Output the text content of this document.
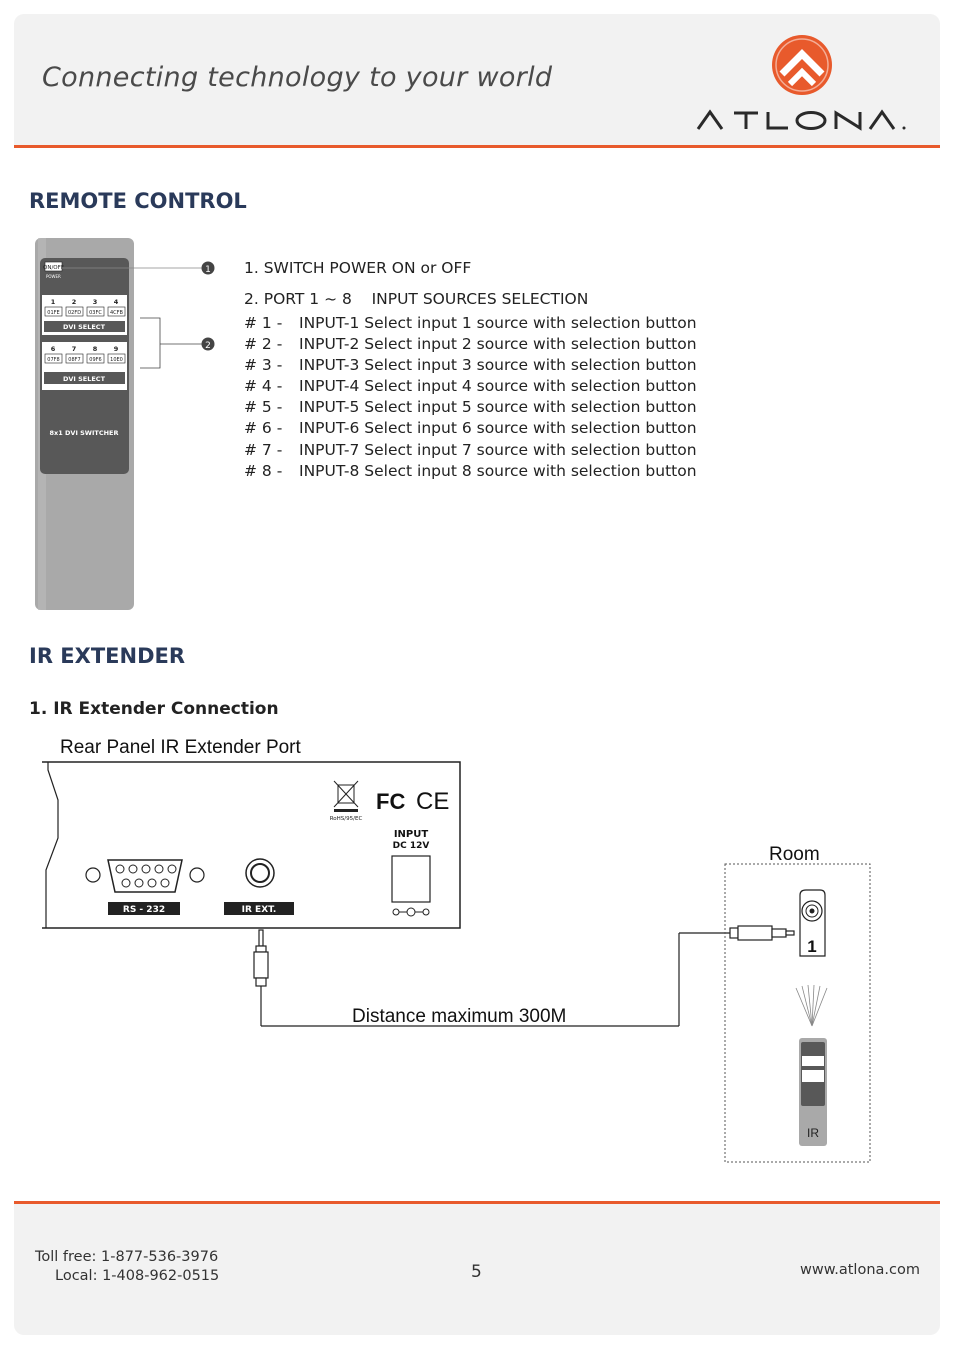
Connecting technology to your world
REMOTE CONTROL
ON/OFF
POWER
1	2	3	4
01FE 02FD 03FC 4CFB
DVI SELECT
6	7	8	9
07F8 08F7 09F6 10E0
DVI SELECT
8x1 DVI SWITCHER
1
2
1. SWITCH POWER ON or OFF
2. PORT 1 ~ 8    INPUT SOURCES SELECTION
# 1 - INPUT-1 Select input 1 source with selection button
# 2 - INPUT-2 Select input 2 source with selection button
# 3 - INPUT-3 Select input 3 source with selection button
# 4 - INPUT-4 Select input 4 source with selection button
# 5 - INPUT-5 Select input 5 source with selection button
# 6 - INPUT-6 Select input 6 source with selection button
# 7 - INPUT-7 Select input 7 source with selection button
# 8 - INPUT-8 Select input 8 source with selection button
IR EXTENDER
1. IR Extender Connection
Rear Panel IR Extender Port
RoHS/95/EC
FC CE
INPUT
DC 12V
RS - 232	IR EXT.
Distance maximum 300M
Room
1
IR
Toll free: 1-877-536-3976
Local: 1-408-962-0515	5	www.atlona.com
